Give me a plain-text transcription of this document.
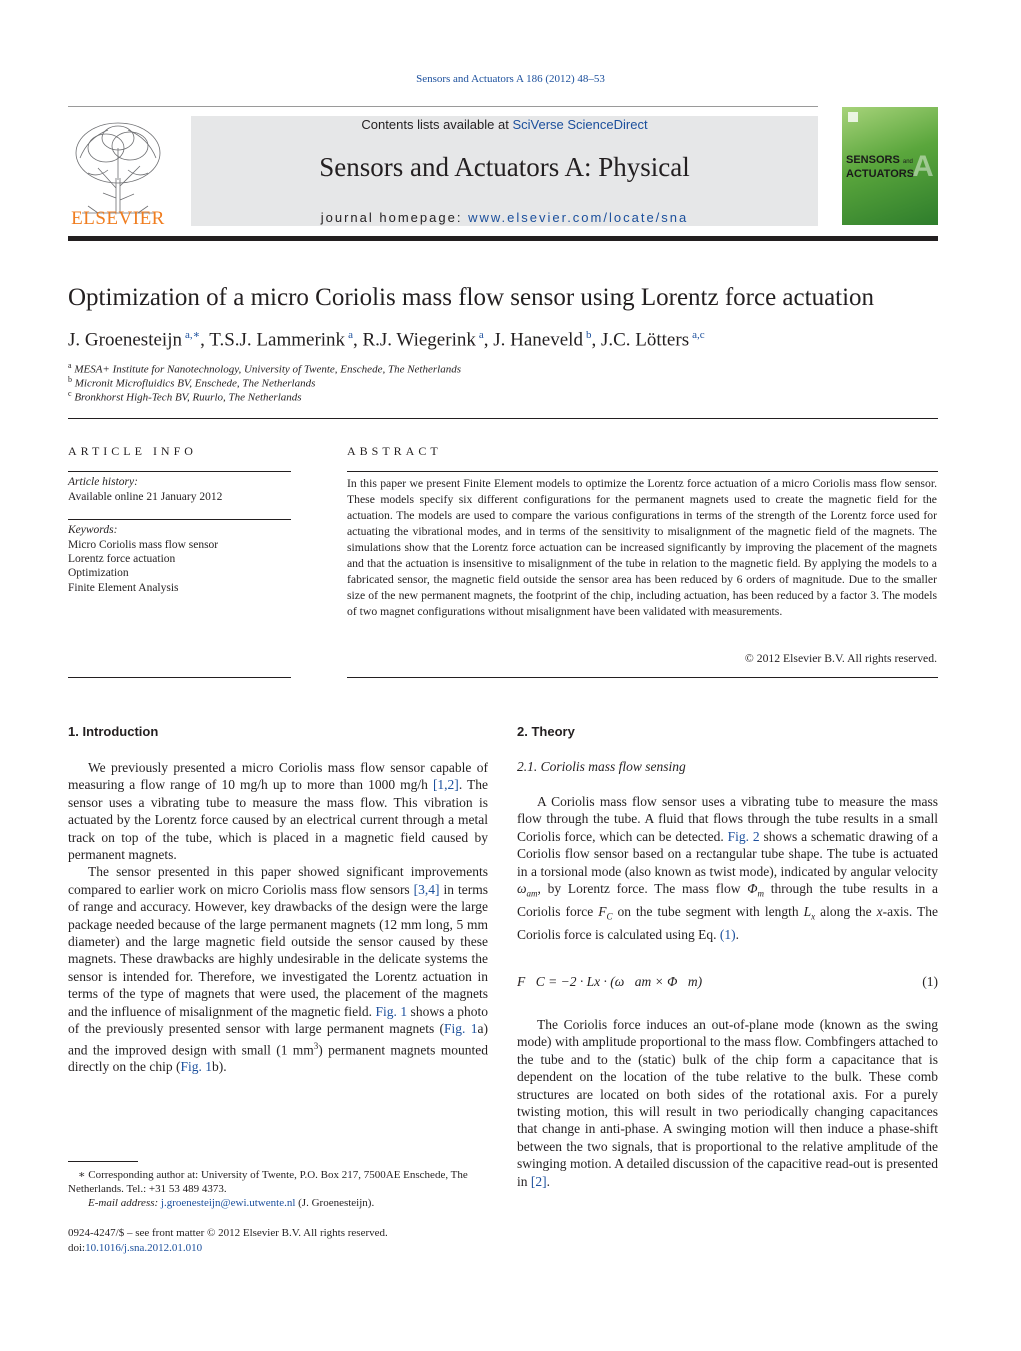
Sensors and Actuators A 186 (2012) 48–53
ELSEVIER
Contents lists available at SciVerse ScienceDirect
Sensors and Actuators A: Physical
journal homepage: www.elsevier.com/locate/sna
SENSORS and
ACTUATORS
A
Optimization of a micro Coriolis mass flow sensor using Lorentz force actuation
J. Groenesteijn $^{a,∗}$, T.S.J. Lammerink $^a$, R.J. Wiegerink $^a$, J. Haneveld $^b$, J.C. Lötters $^{a,c}$
$^a$ MESA+ Institute for Nanotechnology, University of Twente, Enschede, The Netherlands
$^b$ Micronit Microfluidics BV, Enschede, The Netherlands
$^c$ Bronkhorst High-Tech BV, Ruurlo, The Netherlands
ARTICLE INFO
Article history:
Available online 21 January 2012
Keywords:
Micro Coriolis mass flow sensor
Lorentz force actuation
Optimization
Finite Element Analysis
ABSTRACT
In this paper we present Finite Element models to optimize the Lorentz force actuation of a micro Coriolis mass flow sensor. These models specify six different configurations for the permanent magnets used to create the magnetic field for the actuation. The models are used to compare the various configurations in terms of the strength of the Lorentz force used for actuating the vibrational modes, and in terms of the sensitivity to misalignment of the magnetic field of the magnets. The simulations show that the Lorentz force actuation can be increased significantly by improving the placement of the magnets and that the actuation is insensitive to misalignment of the tube in relation to the magnetic field. By applying the models to a fabricated sensor, the magnetic field outside the sensor area has been reduced by 6 orders of magnitude. Due to the smaller size of the new permanent magnets, the footprint of the chip, including actuation, has been reduced by a factor 3. The models of two magnet configurations without misalignment have been validated with measurements.
© 2012 Elsevier B.V. All rights reserved.
1. Introduction

We previously presented a micro Coriolis mass flow sensor capable of measuring a flow range of 10 mg/h up to more than 1000 mg/h [1,2]. The sensor uses a vibrating tube to measure the mass flow. This vibration is actuated by the Lorentz force caused by an electrical current through a metal track on top of the tube, which is placed in a magnetic field caused by permanent magnets.

The sensor presented in this paper showed significant improvements compared to earlier work on micro Coriolis mass flow sensors [3,4] in terms of range and accuracy. However, key drawbacks of the design were the large package needed because of the large permanent magnets (12 mm long, 5 mm diameter) and the large magnetic field outside the sensor caused by these magnets. These drawbacks are highly undesirable in the delicate systems the sensor is intended for. Therefore, we investigated the Lorentz actuation in terms of the type of magnets that were used, the placement of the magnets and the influence of misalignment of the magnetic field. Fig. 1 shows a photo of the previously presented sensor with large permanent magnets (Fig. 1a) and the improved design with small (1 $mm^3$) permanent magnets mounted directly on the chip (Fig. 1b).

∗ Corresponding author at: University of Twente, P.O. Box 217, 7500AE Enschede, The Netherlands. Tel.: +31 53 489 4373.
E-mail address: j.groenesteijn@ewi.utwente.nl (J. Groenesteijn).
0924-4247/$ – see front matter © 2012 Elsevier B.V. All rights reserved.
doi:10.1016/j.sna.2012.01.010
2. Theory
2.1. Coriolis mass flow sensing

A Coriolis mass flow sensor uses a vibrating tube to measure the mass flow through the tube. A fluid that flows through the tube results in a small Coriolis force, which can be detected. Fig. 2 shows a schematic drawing of a Coriolis flow sensor based on a rectangular tube shape. The tube is actuated in a torsional mode (also known as twist mode), indicated by angular velocity $\omega_{am}$, by Lorentz force. The mass flow $\Phi_m$ through the tube results in a Coriolis force $F_C$ on the tube segment with length $L_x$ along the x-axis. The Coriolis force is calculated using Eq. (1).

F⃗C = −2 · Lx · (ω⃗am × Φ⃗m)	(1)

The Coriolis force induces an out-of-plane mode (known as the swing mode) with amplitude proportional to the mass flow. Combfingers attached to the tube and to the (static) bulk of the chip form a capacitance that is dependent on the location of the tube relative to the bulk. These comb structures are located on both sides of the rotational axis. For a purely twisting motion, this will result in two periodically changing capacitances that change in anti-phase. A swinging motion will then induce a phase-shift between the two signals, that is proportional to the relative amplitude of the swinging motion. A detailed discussion of the capacitive read-out is presented in [2].
